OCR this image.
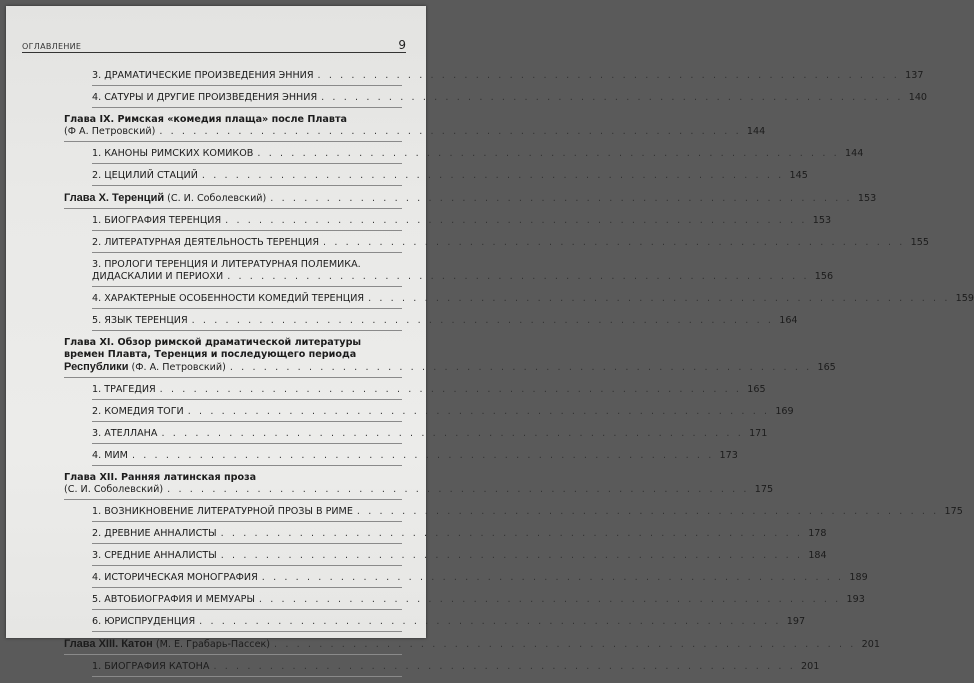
ОГЛАВЛЕНИЕ	9
3. ДРАМАТИЧЕСКИЕ ПРОИЗВЕДЕНИЯ ЭННИЯ . . . . . . . . . . . . . . . . . . . . . . . . . . . . . . . . . . . . . . . . . . . . . . . . . . . . 137
4. САТУРЫ И ДРУГИЕ ПРОИЗВЕДЕНИЯ ЭННИЯ . . . . . . . . . . . . . . . . . . . . . . . . . . . . . . . . . . . . . . . . . . . . . . . . . . . . 140
Глава IX. Римская «комедия плаща» после Плавта
(Ф А. Петровский) . . . . . . . . . . . . . . . . . . . . . . . . . . . . . . . . . . . . . . . . . . . . . . . . . . . . 144
1. КАНОНЫ РИМСКИХ КОМИКОВ . . . . . . . . . . . . . . . . . . . . . . . . . . . . . . . . . . . . . . . . . . . . . . . . . . . . 144
2. ЦЕЦИЛИЙ СТАЦИЙ . . . . . . . . . . . . . . . . . . . . . . . . . . . . . . . . . . . . . . . . . . . . . . . . . . . . 145
Глава X. Теренций (С. И. Соболевский) . . . . . . . . . . . . . . . . . . . . . . . . . . . . . . . . . . . . . . . . . . . . . . . . . . . . 153
1. БИОГРАФИЯ ТЕРЕНЦИЯ . . . . . . . . . . . . . . . . . . . . . . . . . . . . . . . . . . . . . . . . . . . . . . . . . . . . 153
2. ЛИТЕРАТУРНАЯ ДЕЯТЕЛЬНОСТЬ ТЕРЕНЦИЯ . . . . . . . . . . . . . . . . . . . . . . . . . . . . . . . . . . . . . . . . . . . . . . . . . . . . 155
3. ПРОЛОГИ ТЕРЕНЦИЯ И ЛИТЕРАТУРНАЯ ПОЛЕМИКА.
ДИДАСКАЛИИ И ПЕРИОХИ . . . . . . . . . . . . . . . . . . . . . . . . . . . . . . . . . . . . . . . . . . . . . . . . . . . . 156
4. ХАРАКТЕРНЫЕ ОСОБЕННОСТИ КОМЕДИЙ ТЕРЕНЦИЯ . . . . . . . . . . . . . . . . . . . . . . . . . . . . . . . . . . . . . . . . . . . . . . . . . . . . 159
5. ЯЗЫК ТЕРЕНЦИЯ . . . . . . . . . . . . . . . . . . . . . . . . . . . . . . . . . . . . . . . . . . . . . . . . . . . . 164
Глава XI. Обзор римской драматической литературы
времен Плавта, Теренция и последующего периода
Республики (Ф. А. Петровский) . . . . . . . . . . . . . . . . . . . . . . . . . . . . . . . . . . . . . . . . . . . . . . . . . . . . 165
1. ТРАГЕДИЯ . . . . . . . . . . . . . . . . . . . . . . . . . . . . . . . . . . . . . . . . . . . . . . . . . . . . 165
2. КОМЕДИЯ ТОГИ . . . . . . . . . . . . . . . . . . . . . . . . . . . . . . . . . . . . . . . . . . . . . . . . . . . . 169
3. АТЕЛЛАНА . . . . . . . . . . . . . . . . . . . . . . . . . . . . . . . . . . . . . . . . . . . . . . . . . . . . 171
4. МИМ . . . . . . . . . . . . . . . . . . . . . . . . . . . . . . . . . . . . . . . . . . . . . . . . . . . . 173
Глава XII. Ранняя латинская проза
(С. И. Соболевский) . . . . . . . . . . . . . . . . . . . . . . . . . . . . . . . . . . . . . . . . . . . . . . . . . . . . 175
1. ВОЗНИКНОВЕНИЕ ЛИТЕРАТУРНОЙ ПРОЗЫ В РИМЕ . . . . . . . . . . . . . . . . . . . . . . . . . . . . . . . . . . . . . . . . . . . . . . . . . . . . 175
2. ДРЕВНИЕ АННАЛИСТЫ . . . . . . . . . . . . . . . . . . . . . . . . . . . . . . . . . . . . . . . . . . . . . . . . . . . . 178
3. СРЕДНИЕ АННАЛИСТЫ . . . . . . . . . . . . . . . . . . . . . . . . . . . . . . . . . . . . . . . . . . . . . . . . . . . . 184
4. ИСТОРИЧЕСКАЯ МОНОГРАФИЯ . . . . . . . . . . . . . . . . . . . . . . . . . . . . . . . . . . . . . . . . . . . . . . . . . . . . 189
5. АВТОБИОГРАФИЯ И МЕМУАРЫ . . . . . . . . . . . . . . . . . . . . . . . . . . . . . . . . . . . . . . . . . . . . . . . . . . . . 193
6. ЮРИСПРУДЕНЦИЯ . . . . . . . . . . . . . . . . . . . . . . . . . . . . . . . . . . . . . . . . . . . . . . . . . . . . 197
Глава XIII. Катон (М. Е. Грабарь-Пассек) . . . . . . . . . . . . . . . . . . . . . . . . . . . . . . . . . . . . . . . . . . . . . . . . . . . . 201
1. БИОГРАФИЯ КАТОНА . . . . . . . . . . . . . . . . . . . . . . . . . . . . . . . . . . . . . . . . . . . . . . . . . . . . 201
